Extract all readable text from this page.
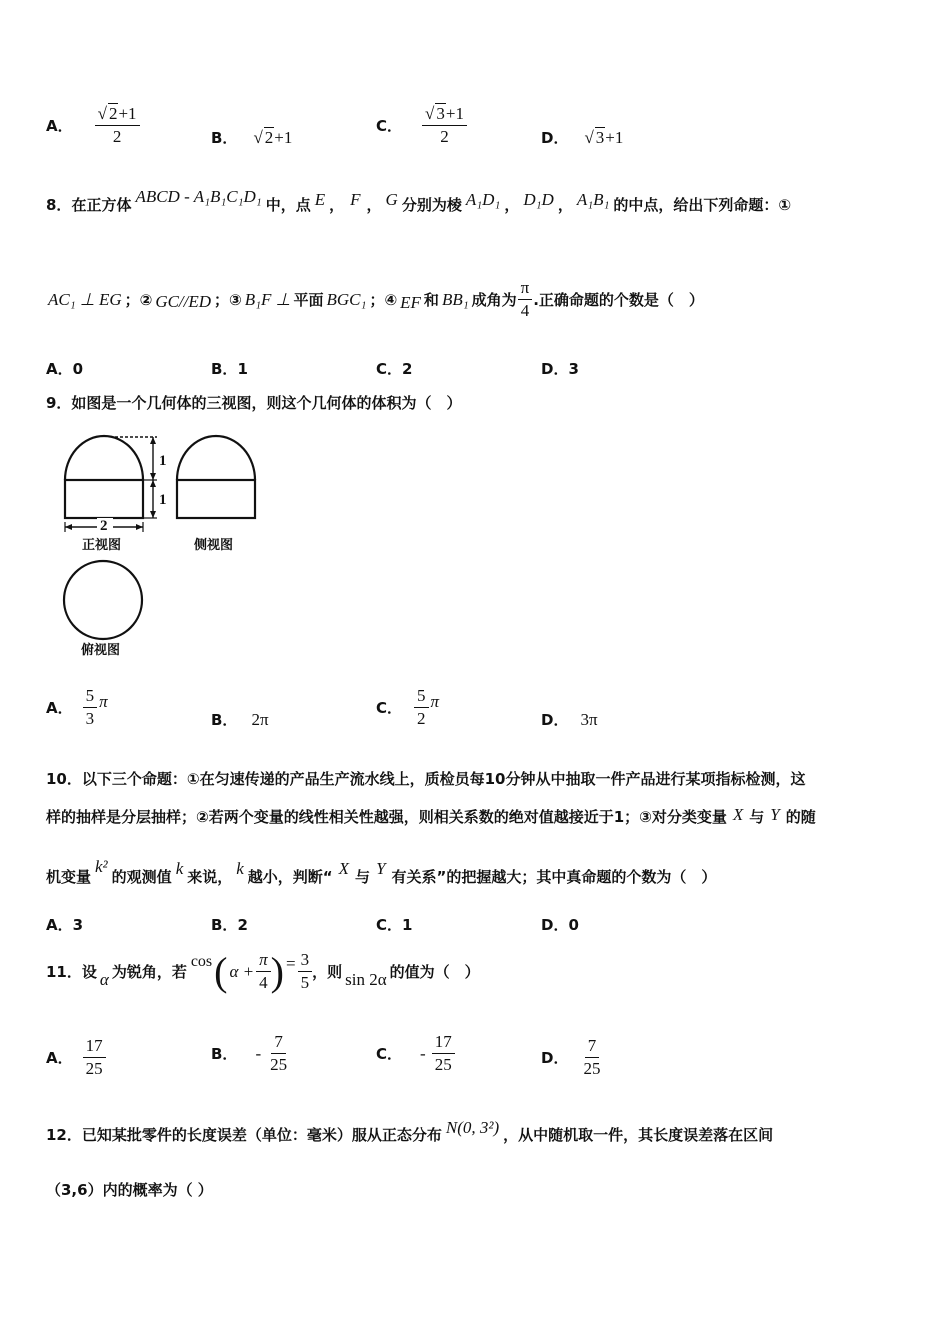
A． $\frac{√ 2+1}{2}$	B． √ 2+1
C． $\frac{√ 3+1}{2}$	D． √ 3+1
8． 在正方体 ABCD - A₁B₁C₁D₁ 中，点 E ， F ， G 分别为棱 A₁D₁ ， D₁D ， A₁B₁ 的中点，给出下列命题：①
AC₁ ⊥ EG ；② GC//ED ；③ B₁F ⊥ 平面 BGC₁ ；④ EF 和 BB₁ 成角为 $\frac{\pi}{4}$ .正确命题的个数是（　）
A．0	B．1	C．2	D．3
9．如图是一个几何体的三视图，则这个几何体的体积为（　）
1
1
2
正视图	侧视图
俯视图
A． $\frac{5}{3}$ π
B． 2π
C． $\frac{5}{2}$ π
D． 3π
10．以下三个命题：①在匀速传递的产品生产流水线上，质检员每10分钟从中抽取一件产品进行某项指标检测，这
样的抽样是分层抽样；②若两个变量的线性相关性越强，则相关系数的绝对值越接近于1；③对分类变量 X 与 Y 的随
机变量
k²
的观测值 k 来说， k 越小，判断“ X 与 Y 有关系”的把握越大；其中真命题的个数为（　）
A．3	B．2	C．1	D．0
11．设 α 为锐角，若
cos ( $\alpha + \frac{\pi}{4}$ ) = $\frac{3}{5}$ ，则 sin 2α 的值为（　）
A． $\frac{17}{25}$	B． - $\frac{7}{25}$	C． - $\frac{17}{25}$	D． $\frac{7}{25}$
12．已知某批零件的长度误差（单位：毫米）服从正态分布 N(0, 3²) ，从中随机取一件，其长度误差落在区间
（3,6）内的概率为（ ）
